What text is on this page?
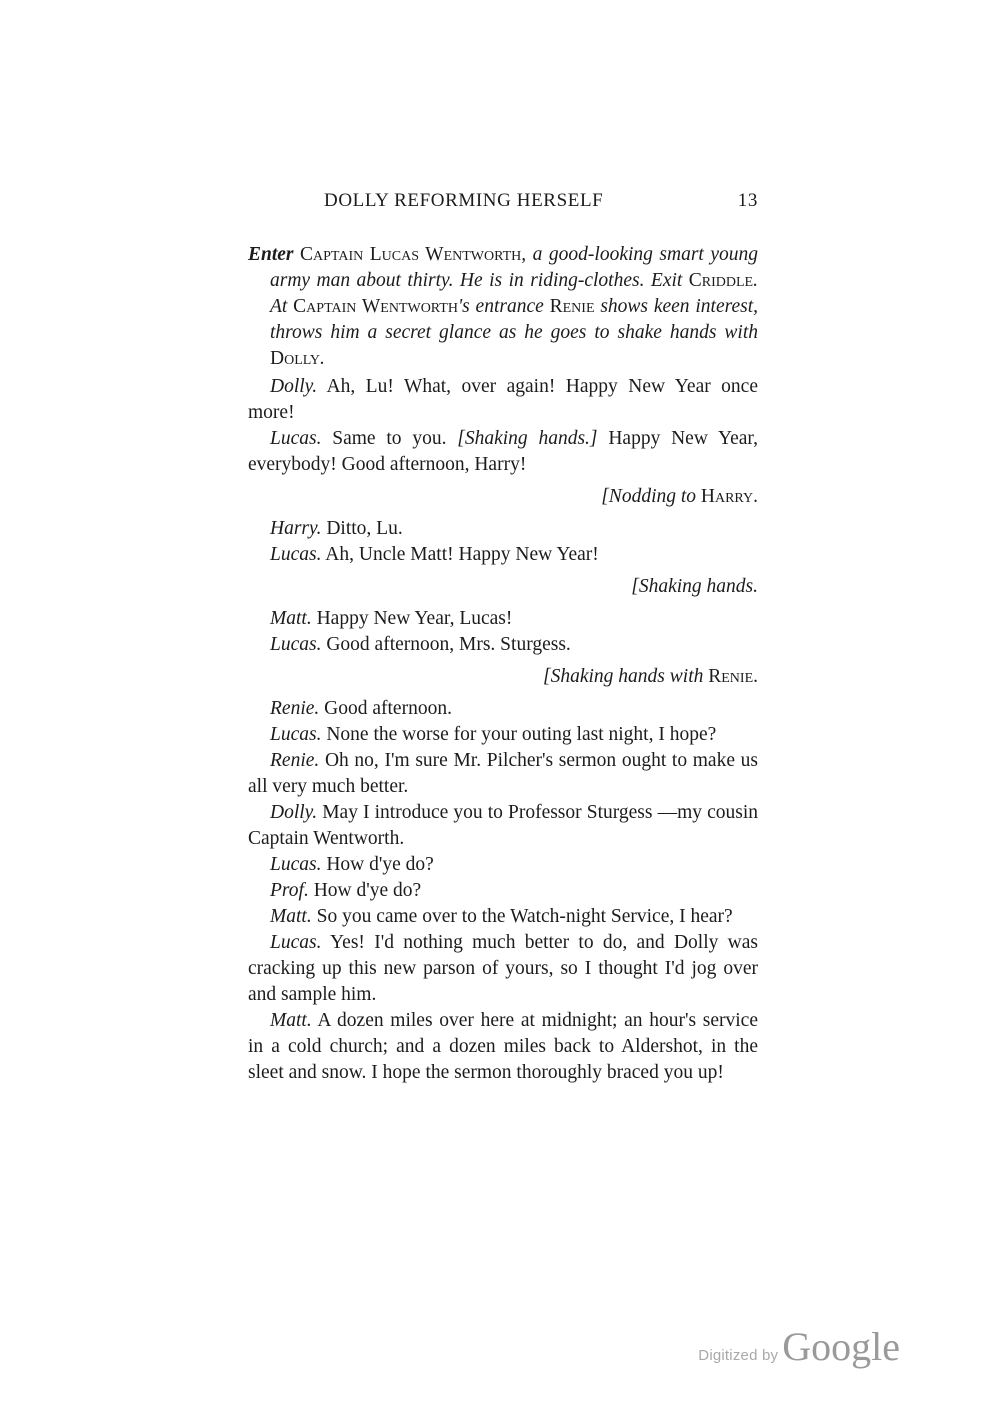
DOLLY REFORMING HERSELF	13

Enter Captain Lucas Wentworth, a good-looking smart young army man about thirty. He is in riding-clothes. Exit Criddle. At Captain Wentworth's entrance Renie shows keen interest, throws him a secret glance as he goes to shake hands with Dolly.

Dolly. Ah, Lu! What, over again! Happy New Year once more!

Lucas. Same to you. [Shaking hands.] Happy New Year, everybody! Good afternoon, Harry!

[Nodding to Harry.

Harry. Ditto, Lu.

Lucas. Ah, Uncle Matt! Happy New Year!

[Shaking hands.

Matt. Happy New Year, Lucas!

Lucas. Good afternoon, Mrs. Sturgess.

[Shaking hands with Renie.

Renie. Good afternoon.

Lucas. None the worse for your outing last night, I hope?

Renie. Oh no, I'm sure Mr. Pilcher's sermon ought to make us all very much better.

Dolly. May I introduce you to Professor Sturgess —my cousin Captain Wentworth.

Lucas. How d'ye do?

Prof. How d'ye do?

Matt. So you came over to the Watch-night Service, I hear?

Lucas. Yes! I'd nothing much better to do, and Dolly was cracking up this new parson of yours, so I thought I'd jog over and sample him.

Matt. A dozen miles over here at midnight; an hour's service in a cold church; and a dozen miles back to Aldershot, in the sleet and snow. I hope the sermon thoroughly braced you up!

Digitized by Google
